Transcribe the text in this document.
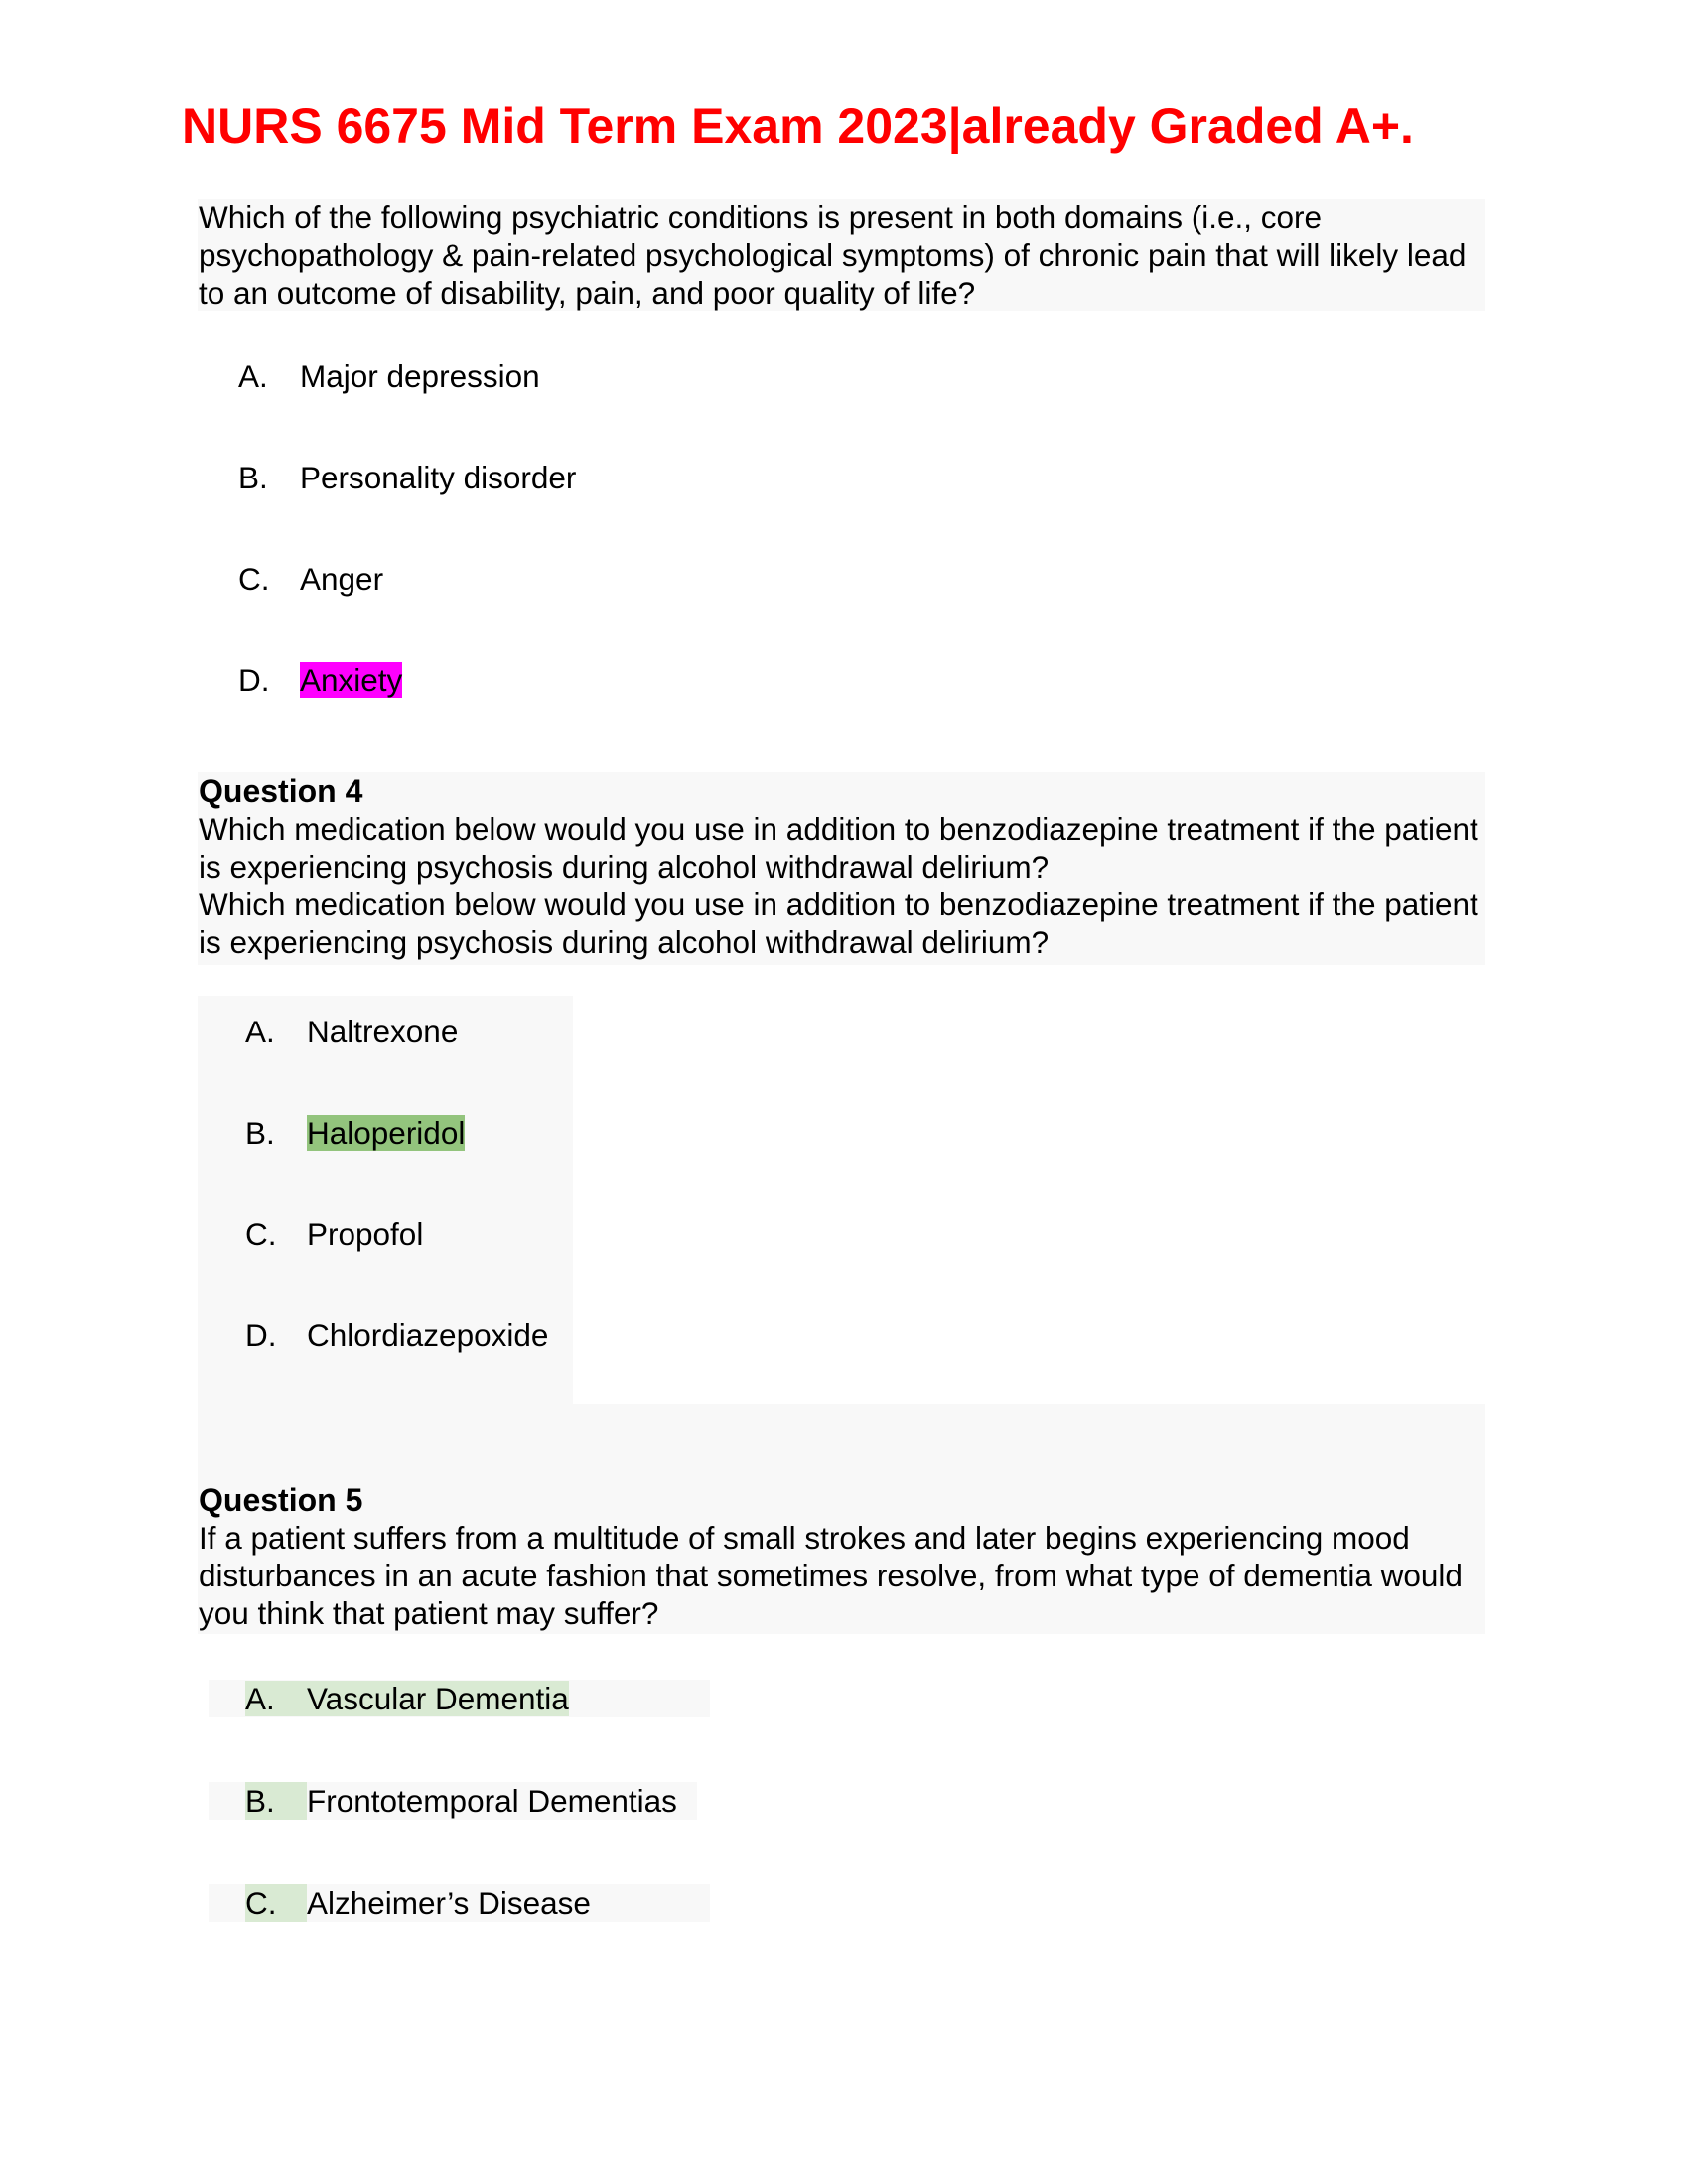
NURS 6675 Mid Term Exam 2023|already Graded A+.

Which of the following psychiatric conditions is present in both domains (i.e., core psychopathology & pain-related psychological symptoms) of chronic pain that will likely lead to an outcome of disability, pain, and poor quality of life?

A. Major depression
B. Personality disorder
C. Anger
D. Anxiety

Question 4

Which medication below would you use in addition to benzodiazepine treatment if the patient is experiencing psychosis during alcohol withdrawal delirium?

Which medication below would you use in addition to benzodiazepine treatment if the patient is experiencing psychosis during alcohol withdrawal delirium?

A. Naltrexone
B. Haloperidol
C. Propofol
D. Chlordiazepoxide

Question 5

If a patient suffers from a multitude of small strokes and later begins experiencing mood disturbances in an acute fashion that sometimes resolve, from what type of dementia would you think that patient may suffer?

A. Vascular Dementia
B. Frontotemporal Dementias
C. Alzheimer’s Disease
